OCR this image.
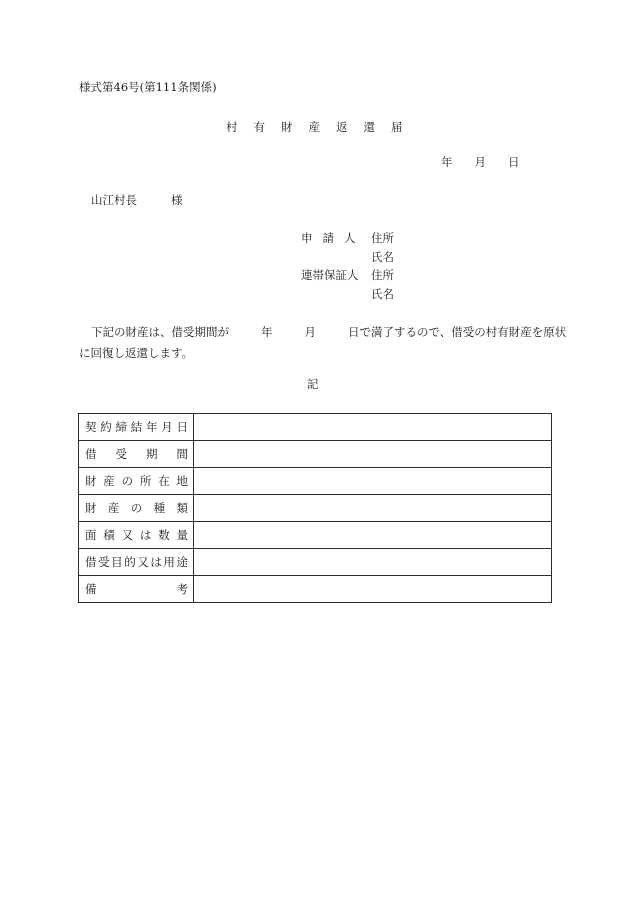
様式第46号(第111条関係)
村有財産返還届
年 月 日
山江村長	様
申請人 住所
氏名
連帯保証人 住所
氏名
下記の財産は、借受期間が	年	月	日で満了するので、借受の村有財産を原状
に回復し返還します。
記
契約締結年月日	
借受期間	
財産の所在地	
財産の種類	
面積又は数量	
借受目的又は用途	
備考	
